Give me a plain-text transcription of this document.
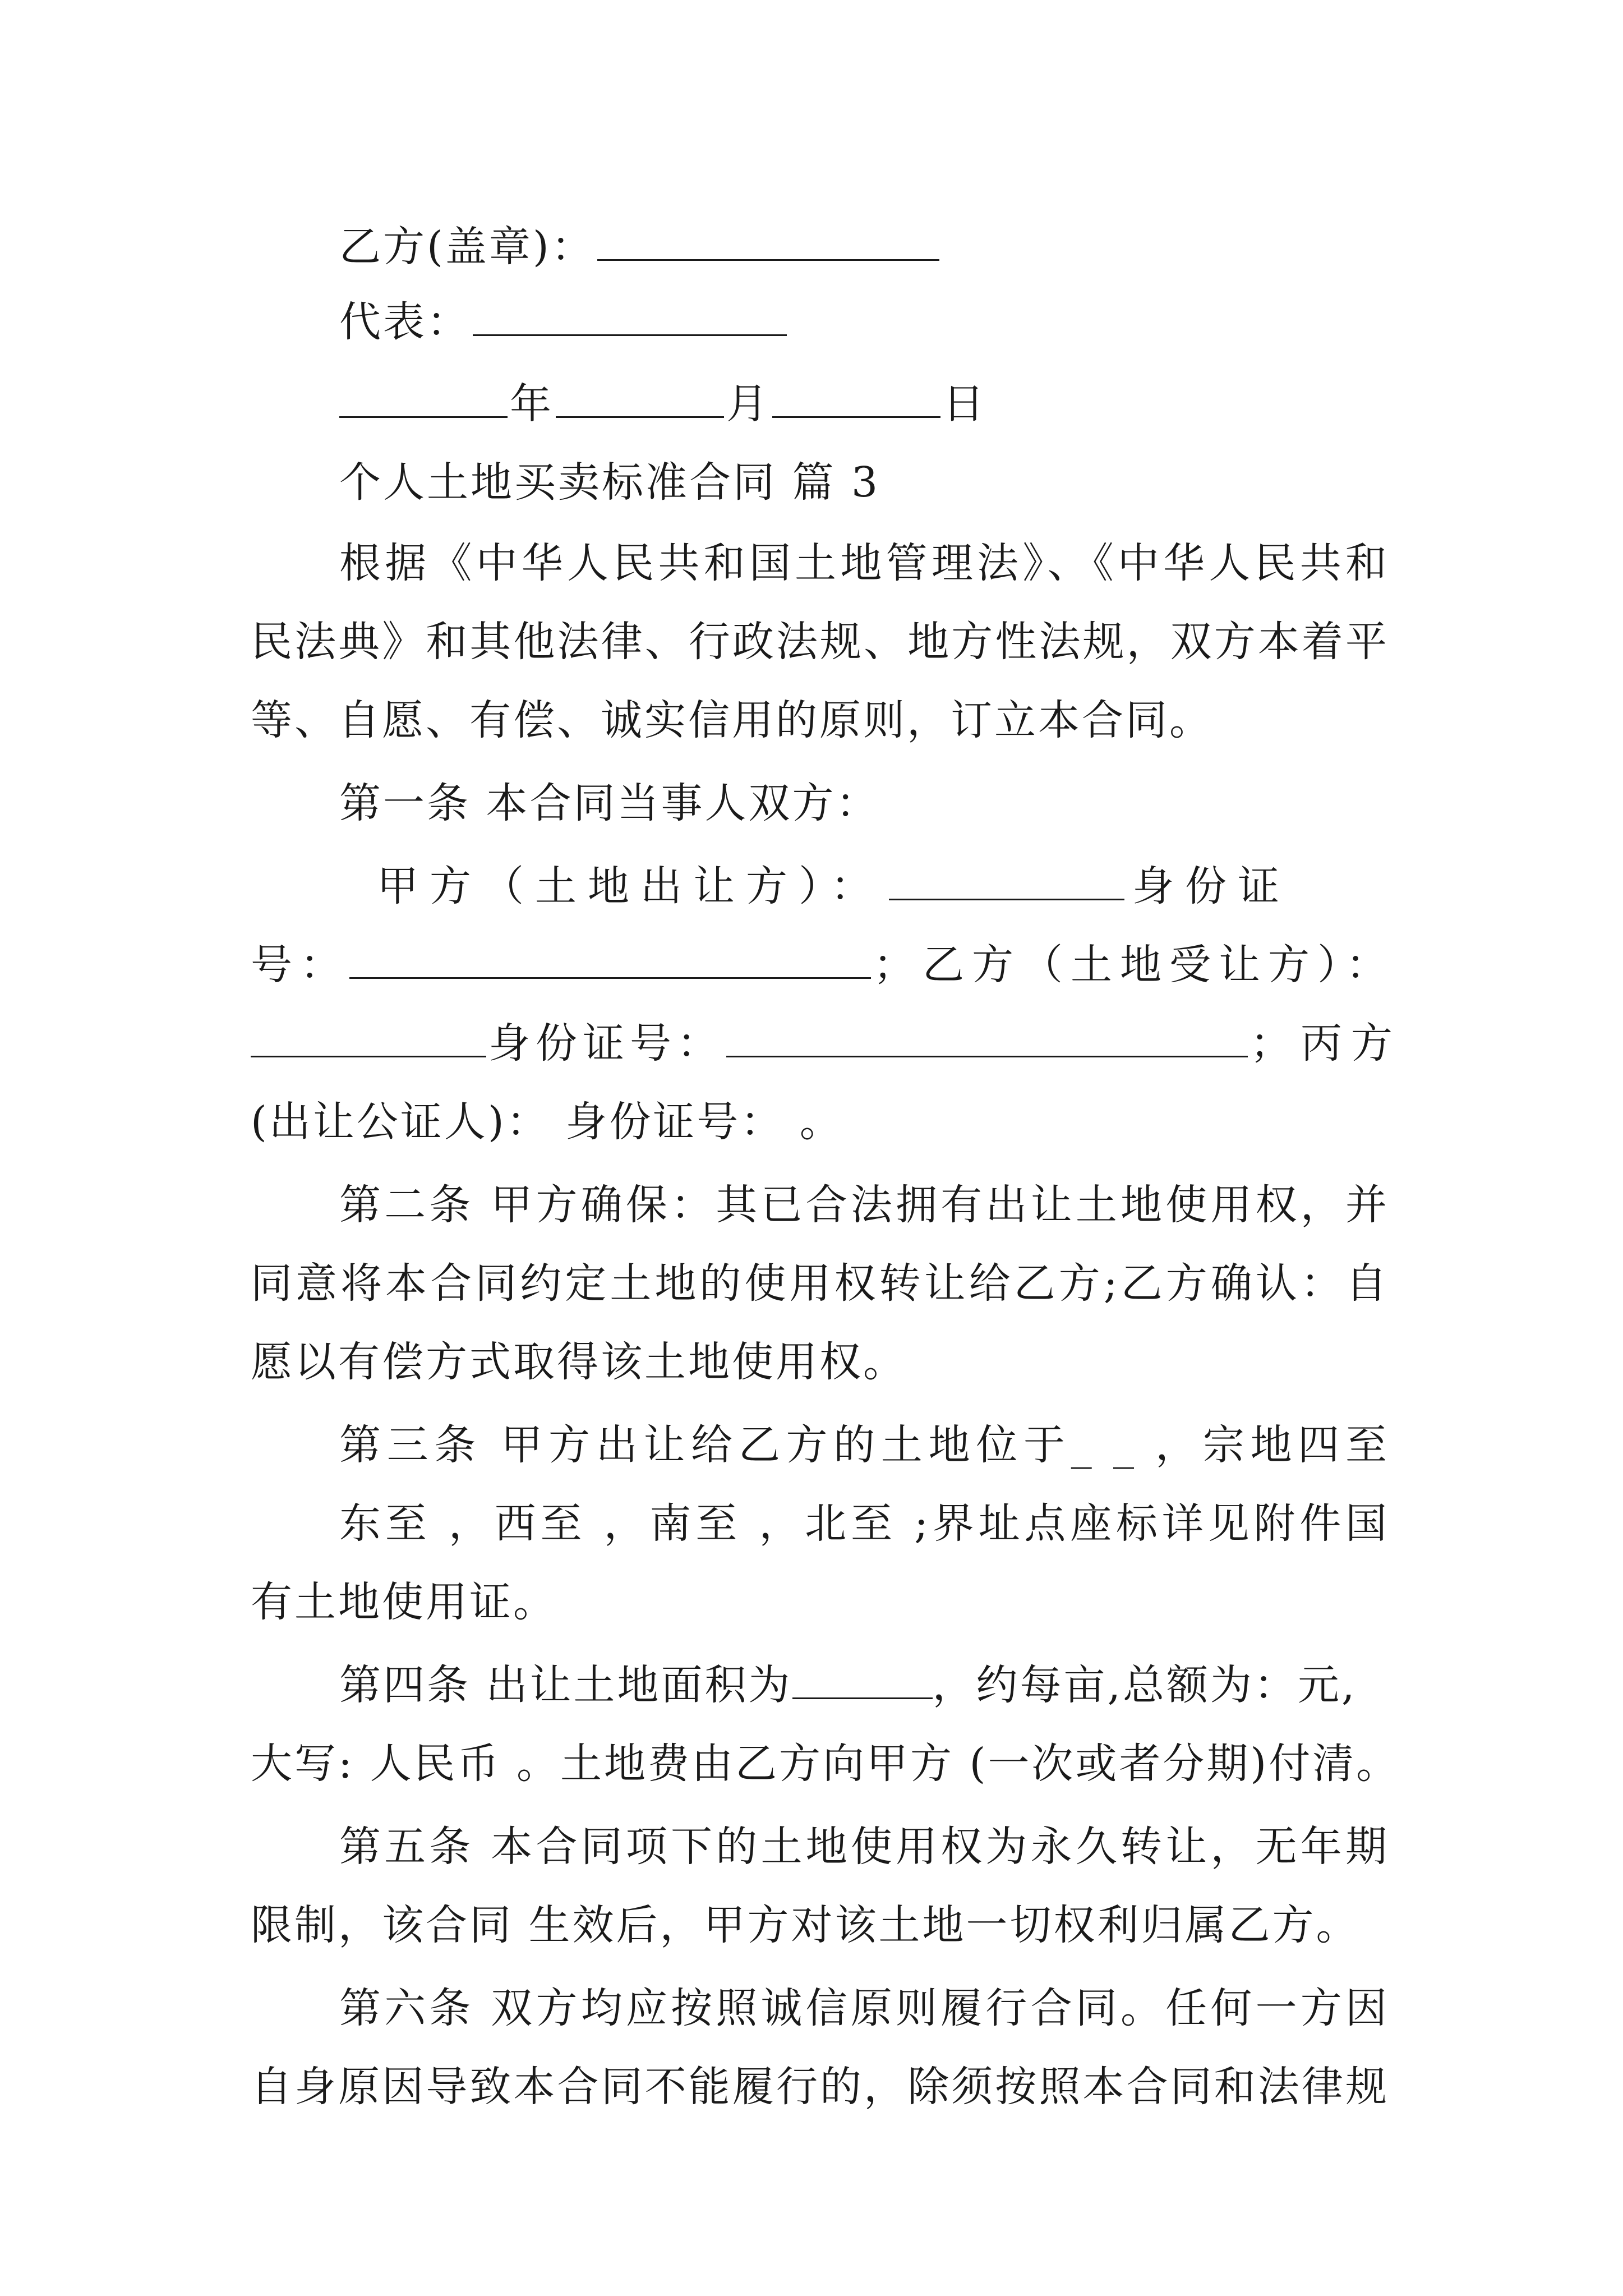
乙方(盖章)：
代表：
年	月	日
个人土地买卖标准合同 篇 3
根据《中华人民共和国土地管理法》、《中华人民共和
民法典》和其他法律、行政法规、地方性法规，双方本着平
等、自愿、有偿、诚实信用的原则，订立本合同。
第一条 本合同当事人双方：
甲方（土地出让方）：	身份证
号：	；乙方（土地受让方）：
身份证号：	；丙方
(出让公证人)： 身份证号： 。
第二条 甲方确保：其已合法拥有出让土地使用权，并
同意将本合同约定土地的使用权转让给乙方;乙方确认：自
愿以有偿方式取得该土地使用权。
第三条 甲方出让给乙方的土地位于_ _ ，宗地四至
东至 ，西至 ，南至 ，北至 ;界址点座标详见附件国
有土地使用证。
第四条 出让土地面积为	，约每亩,总额为：元,
大写: 人民币 。土地费由乙方向甲方 (一次或者分期)付清。
第五条 本合同项下的土地使用权为永久转让，无年期
限制，该合同 生效后，甲方对该土地一切权利归属乙方。
第六条 双方均应按照诚信原则履行合同。任何一方因
自身原因导致本合同不能履行的，除须按照本合同和法律规
